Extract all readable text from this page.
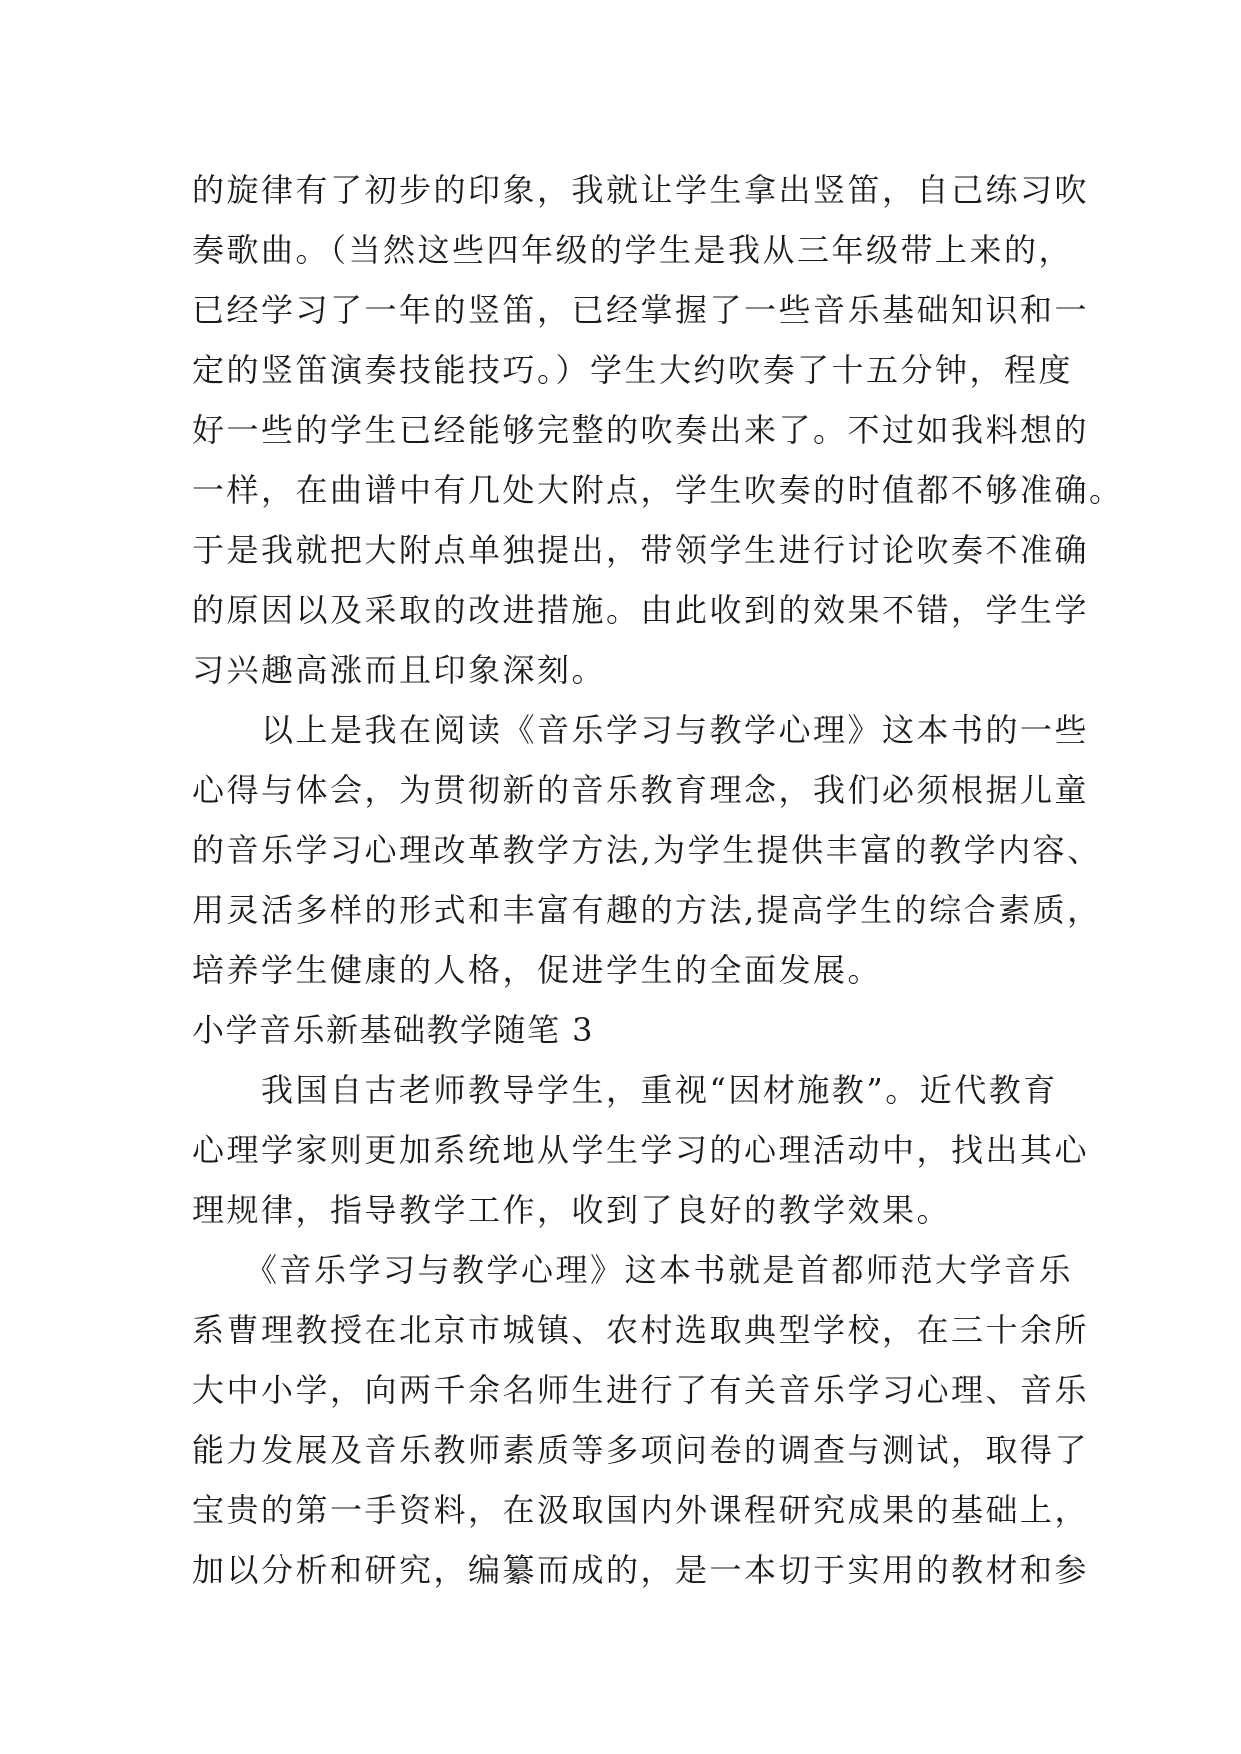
的旋律有了初步的印象，我就让学生拿出竖笛，自己练习吹
奏歌曲。（当然这些四年级的学生是我从三年级带上来的，
已经学习了一年的竖笛，已经掌握了一些音乐基础知识和一
定的竖笛演奏技能技巧。）学生大约吹奏了十五分钟，程度
好一些的学生已经能够完整的吹奏出来了。不过如我料想的
一样，在曲谱中有几处大附点，学生吹奏的时值都不够准确。
于是我就把大附点单独提出，带领学生进行讨论吹奏不准确
的原因以及采取的改进措施。由此收到的效果不错，学生学
习兴趣高涨而且印象深刻。
　　以上是我在阅读《音乐学习与教学心理》这本书的一些
心得与体会，为贯彻新的音乐教育理念，我们必须根据儿童
的音乐学习心理改革教学方法,为学生提供丰富的教学内容、
用灵活多样的形式和丰富有趣的方法,提高学生的综合素质，
培养学生健康的人格，促进学生的全面发展。
小学音乐新基础教学随笔 3
　　我国自古老师教导学生，重视“因材施教”。近代教育
心理学家则更加系统地从学生学习的心理活动中，找出其心
理规律，指导教学工作，收到了良好的教学效果。
　　《音乐学习与教学心理》这本书就是首都师范大学音乐
系曹理教授在北京市城镇、农村选取典型学校，在三十余所
大中小学，向两千余名师生进行了有关音乐学习心理、音乐
能力发展及音乐教师素质等多项问卷的调查与测试，取得了
宝贵的第一手资料，在汲取国内外课程研究成果的基础上，
加以分析和研究，编纂而成的，是一本切于实用的教材和参
